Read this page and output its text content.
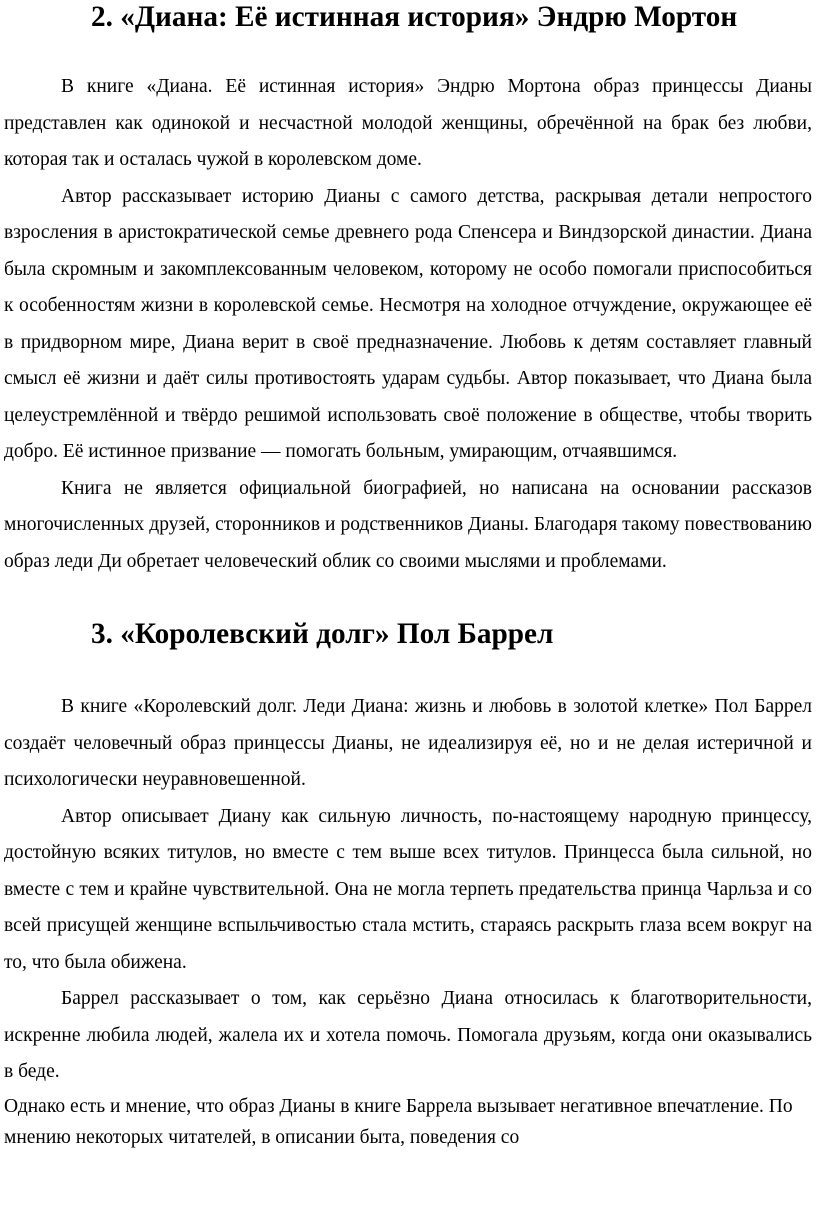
2. «Диана: Её истинная история» Эндрю Мортон

В книге «Диана. Её истинная история» Эндрю Мортона образ принцессы Дианы представлен как одинокой и несчастной молодой женщины, обречённой на брак без любви, которая так и осталась чужой в королевском доме.

Автор рассказывает историю Дианы с самого детства, раскрывая детали непростого взросления в аристократической семье древнего рода Спенсера и Виндзорской династии. Диана была скромным и закомплексованным человеком, которому не особо помогали приспособиться к особенностям жизни в королевской семье. Несмотря на холодное отчуждение, окружающее её в придворном мире, Диана верит в своё предназначение. Любовь к детям составляет главный смысл её жизни и даёт силы противостоять ударам судьбы. Автор показывает, что Диана была целеустремлённой и твёрдо решимой использовать своё положение в обществе, чтобы творить добро. Её истинное призвание — помогать больным, умирающим, отчаявшимся.

Книга не является официальной биографией, но написана на основании рассказов многочисленных друзей, сторонников и родственников Дианы. Благодаря такому повествованию образ леди Ди обретает человеческий облик со своими мыслями и проблемами.

3. «Королевский долг» Пол Баррел

В книге «Королевский долг. Леди Диана: жизнь и любовь в золотой клетке» Пол Баррел создаёт человечный образ принцессы Дианы, не идеализируя её, но и не делая истеричной и психологически неуравновешенной.

Автор описывает Диану как сильную личность, по-настоящему народную принцессу, достойную всяких титулов, но вместе с тем выше всех титулов. Принцесса была сильной, но вместе с тем и крайне чувствительной. Она не могла терпеть предательства принца Чарльза и со всей присущей женщине вспыльчивостью стала мстить, стараясь раскрыть глаза всем вокруг на то, что была обижена.

Баррел рассказывает о том, как серьёзно Диана относилась к благотворительности, искренне любила людей, жалела их и хотела помочь. Помогала друзьям, когда они оказывались в беде.

Однако есть и мнение, что образ Дианы в книге Баррела вызывает негативное впечатление. По мнению некоторых читателей, в описании быта, поведения со
